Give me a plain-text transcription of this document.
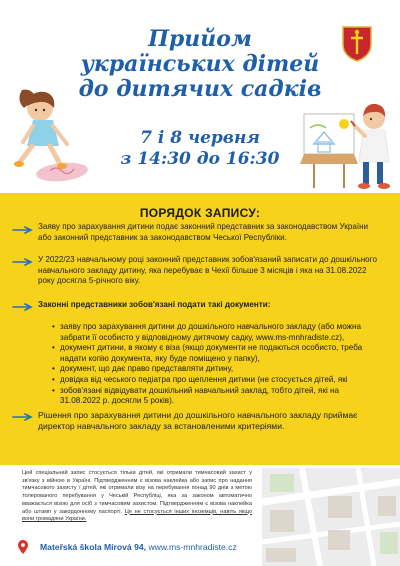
Прийом
українських дітей
до дитячих садків
7 і 8 червня
з 14:30 до 16:30
ПОРЯДОК ЗАПИСУ:
Заяву про зарахування дитини подає законний представник за законодавством України або законний представник за законодавством Чеської Республіки.
У 2022/23 навчальному році законний представник зобов'язаний записати до дошкільного навчального закладу дитину, яка перебуває в Чехії більше 3 місяців і яка на 31.08.2022 року досягла 5-річного віку.
Законні представники зобов'язані подати такі документи:
• заяву про зарахування дитини до дошкільного навчального закладу (або можна забрати її особисто у відповідному дитячому садку, www.ms-mnhradiste.cz),
• документ дитини, в якому є віза (якщо документи не подаються особисто, треба надати копію документа, яку буде поміщено у папку),
• документ, що дає право представляти дитину,
• довідка від чеського педіатра про щеплення дитини (не стосується дітей, які
• зобов'язані відвідувати дошкільний навчальний заклад, тобто дітей, які на 31.08.2022 р. досягли 5 років).
Рішення про зарахування дитини до дошкільного навчального закладу приймає директор навчального закладу за встановленими критеріями.
Цей спеціальний запис стосується тільки дітей, які отримали тимчасовий захист у зв'язку з війною в Україні. Підтвердженням є візова наклейка або запис про надання тимчасового захисту / дітей, які отримали візу на перебування понад 90 днів з метою толерованого перебування у Чеській Республіці, яка за законом автоматично вважається візою для осіб з тимчасовим захистом. Підтвердженням є візова наклейка або штамп у закордонному паспорті. Це не стосується інших іноземців, навіть якщо вони громадяни України.
Mateřská škola Mírová 94, www.ms-mnhradiste.cz
